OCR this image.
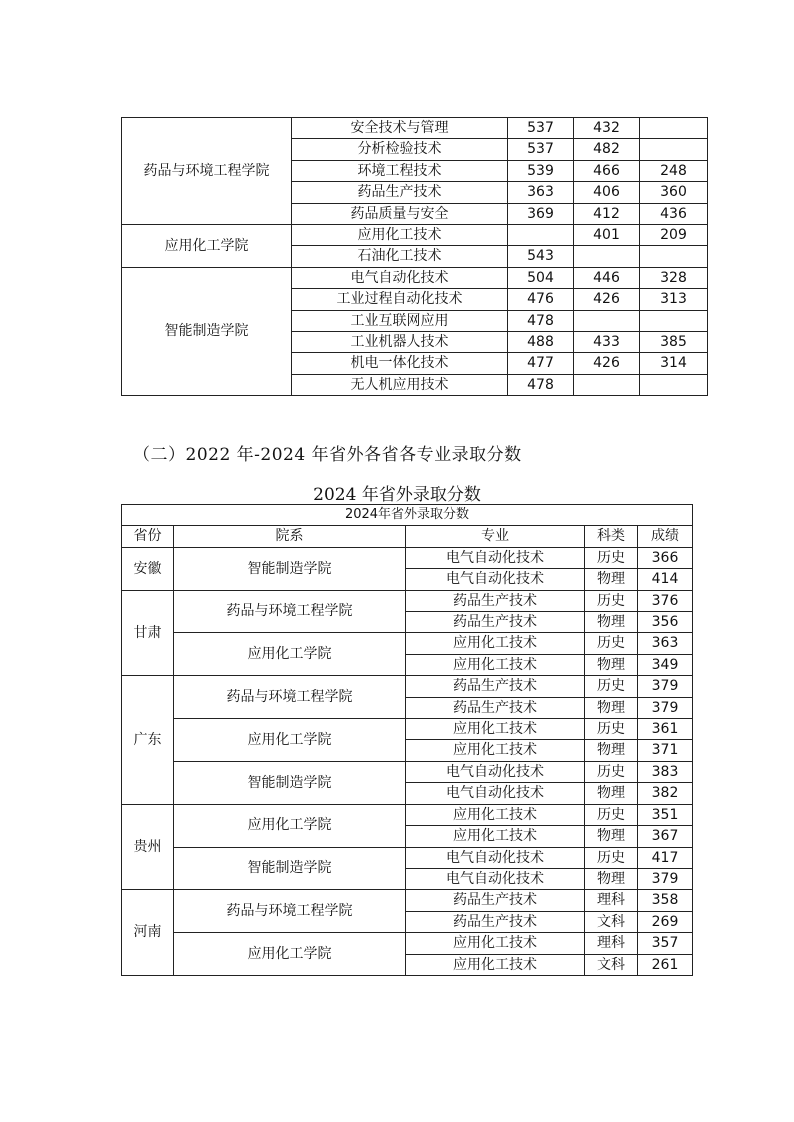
药品与环境工程学院	安全技术与管理	537	432	
	分析检验技术	537	482	
	环境工程技术	539	466	248
	药品生产技术	363	406	360
	药品质量与安全	369	412	436
应用化工学院	应用化工技术		401	209
	石油化工技术	543		
智能制造学院	电气自动化技术	504	446	328
	工业过程自动化技术	476	426	313
	工业互联网应用	478		
	工业机器人技术	488	433	385
	机电一体化技术	477	426	314
	无人机应用技术	478		
（二）2022 年-2024 年省外各省各专业录取分数
2024 年省外录取分数
2024年省外录取分数				
省份	院系	专业	科类	成绩
安徽	智能制造学院	电气自动化技术	历史	366
		电气自动化技术	物理	414
甘肃	药品与环境工程学院	药品生产技术	历史	376
		药品生产技术	物理	356
	应用化工学院	应用化工技术	历史	363
		应用化工技术	物理	349
广东	药品与环境工程学院	药品生产技术	历史	379
		药品生产技术	物理	379
	应用化工学院	应用化工技术	历史	361
		应用化工技术	物理	371
	智能制造学院	电气自动化技术	历史	383
		电气自动化技术	物理	382
贵州	应用化工学院	应用化工技术	历史	351
		应用化工技术	物理	367
	智能制造学院	电气自动化技术	历史	417
		电气自动化技术	物理	379
河南	药品与环境工程学院	药品生产技术	理科	358
		药品生产技术	文科	269
	应用化工学院	应用化工技术	理科	357
		应用化工技术	文科	261
